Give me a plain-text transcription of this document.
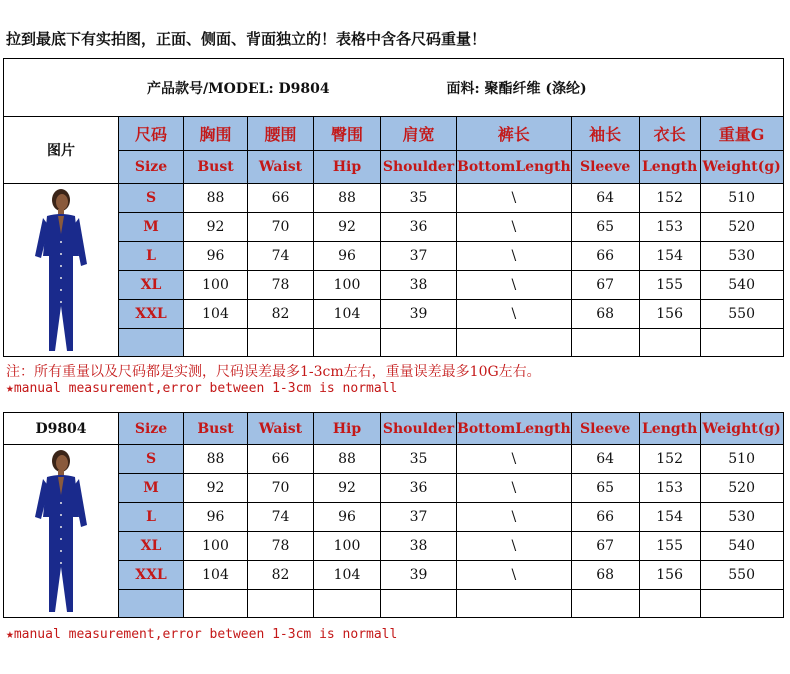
拉到最底下有实拍图，正面、侧面、背面独立的！表格中含各尺码重量！
产品款号/MODEL: D9804 面料: 聚酯纤维 (涤纶)									
图片	尺码	胸围	腰围	臀围	肩宽	裤长	袖长	衣长	重量G
	Size	Bust	Waist	Hip	Shoulder	BottomLength	Sleeve	Length	Weight(g)

	S	88	66	88	35	\	64	152	510
	M	92	70	92	36	\	65	153	520
	L	96	74	96	37	\	66	154	530
	XL	100	78	100	38	\	67	155	540
	XXL	104	82	104	39	\	68	156	550

注：所有重量以及尺码都是实测，尺码误差最多1-3cm左右，重量误差最多10G左右。
★manual measurement,error between 1-3cm is normall
D9804	Size	Bust	Waist	Hip	Shoulder	BottomLength	Sleeve	Length	Weight(g)

	S	88	66	88	35	\	64	152	510
	M	92	70	92	36	\	65	153	520
	L	96	74	96	37	\	66	154	530
	XL	100	78	100	38	\	67	155	540
	XXL	104	82	104	39	\	68	156	550

★manual measurement,error between 1-3cm is normall
